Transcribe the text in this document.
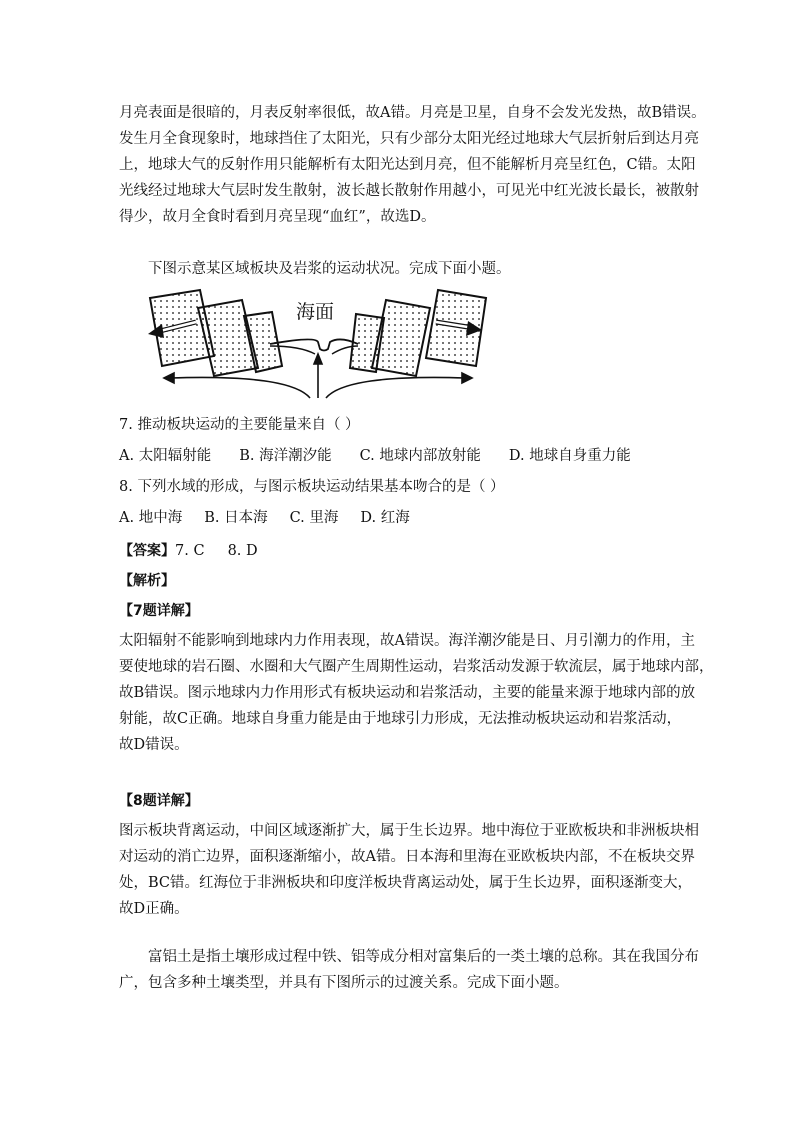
月亮表面是很暗的，月表反射率很低，故A错。月亮是卫星，自身不会发光发热，故B错误。
发生月全食现象时，地球挡住了太阳光，只有少部分太阳光经过地球大气层折射后到达月亮
上，地球大气的反射作用只能解析有太阳光达到月亮，但不能解析月亮呈红色，C错。太阳
光线经过地球大气层时发生散射，波长越长散射作用越小，可见光中红光波长最长，被散射
得少，故月全食时看到月亮呈现“血红”，故选D。
下图示意某区域板块及岩浆的运动状况。完成下面小题。
海面
7. 推动板块运动的主要能量来自（ ）
A. 太阳辐射能 B. 海洋潮汐能 C. 地球内部放射能 D. 地球自身重力能
8. 下列水域的形成，与图示板块运动结果基本吻合的是（ ）
A. 地中海 B. 日本海 C. 里海 D. 红海
【答案】7. C     8. D
【解析】
【7题详解】
太阳辐射不能影响到地球内力作用表现，故A错误。海洋潮汐能是日、月引潮力的作用，主
要使地球的岩石圈、水圈和大气圈产生周期性运动，岩浆活动发源于软流层，属于地球内部，
故B错误。图示地球内力作用形式有板块运动和岩浆活动，主要的能量来源于地球内部的放
射能，故C正确。地球自身重力能是由于地球引力形成，无法推动板块运动和岩浆活动，
故D错误。
【8题详解】
图示板块背离运动，中间区域逐渐扩大，属于生长边界。地中海位于亚欧板块和非洲板块相
对运动的消亡边界，面积逐渐缩小，故A错。日本海和里海在亚欧板块内部，不在板块交界
处，BC错。红海位于非洲板块和印度洋板块背离运动处，属于生长边界，面积逐渐变大，
故D正确。
富铝土是指土壤形成过程中铁、铝等成分相对富集后的一类土壤的总称。其在我国分布
广，包含多种土壤类型，并具有下图所示的过渡关系。完成下面小题。
